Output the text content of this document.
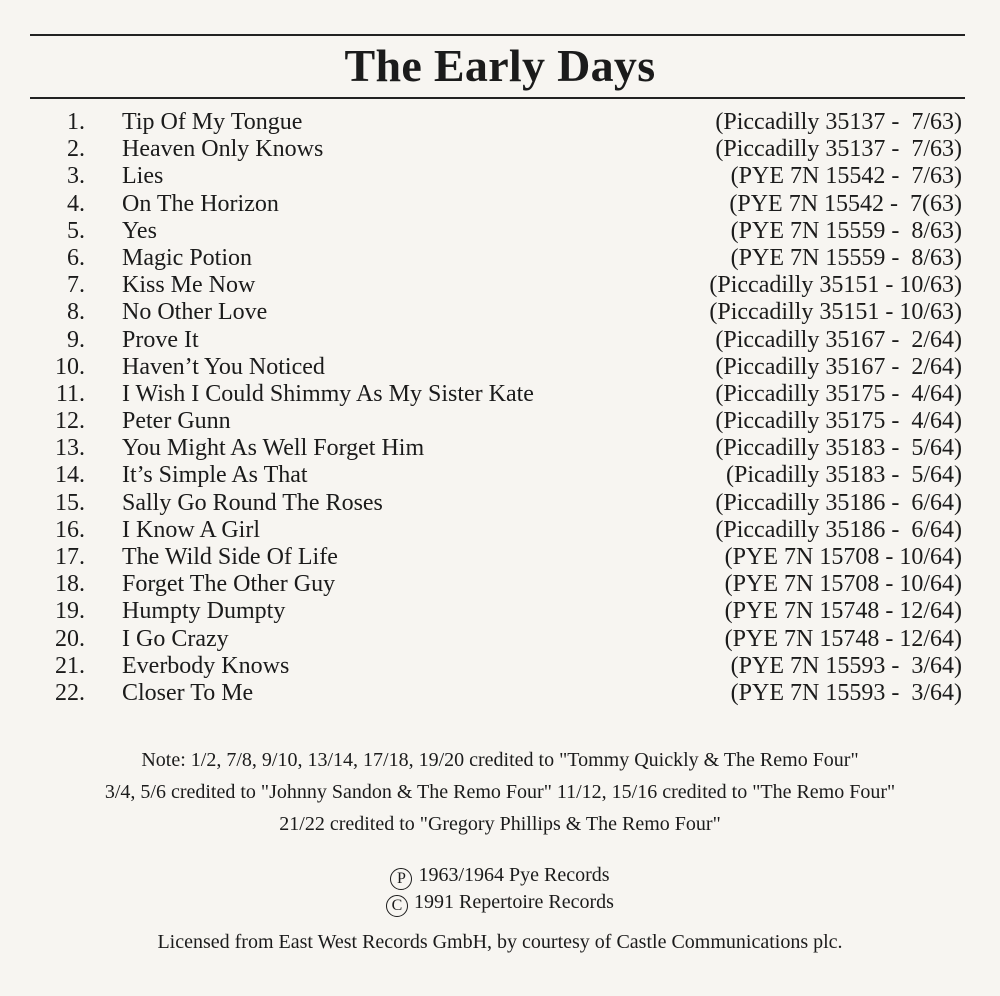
The Early Days
1. Tip Of My Tongue	(Piccadilly 35137 -  7/63)
2. Heaven Only Knows	(Piccadilly 35137 -  7/63)
3. Lies	(PYE 7N 15542 -  7/63)
4. On The Horizon	(PYE 7N 15542 -  7(63)
5. Yes	(PYE 7N 15559 -  8/63)
6. Magic Potion	(PYE 7N 15559 -  8/63)
7. Kiss Me Now	(Piccadilly 35151 - 10/63)
8. No Other Love	(Piccadilly 35151 - 10/63)
9. Prove It	(Piccadilly 35167 -  2/64)
10. Haven’t You Noticed	(Piccadilly 35167 -  2/64)
11. I Wish I Could Shimmy As My Sister Kate	(Piccadilly 35175 -  4/64)
12. Peter Gunn	(Piccadilly 35175 -  4/64)
13. You Might As Well Forget Him	(Piccadilly 35183 -  5/64)
14. It’s Simple As That	(Picadilly 35183 -  5/64)
15. Sally Go Round The Roses	(Piccadilly 35186 -  6/64)
16. I Know A Girl	(Piccadilly 35186 -  6/64)
17. The Wild Side Of Life	(PYE 7N 15708 - 10/64)
18. Forget The Other Guy	(PYE 7N 15708 - 10/64)
19. Humpty Dumpty	(PYE 7N 15748 - 12/64)
20. I Go Crazy	(PYE 7N 15748 - 12/64)
21. Everbody Knows	(PYE 7N 15593 -  3/64)
22. Closer To Me	(PYE 7N 15593 -  3/64)
Note: 1/2, 7/8, 9/10, 13/14, 17/18, 19/20 credited to "Tommy Quickly & The Remo Four"
3/4, 5/6 credited to "Johnny Sandon & The Remo Four" 11/12, 15/16 credited to "The Remo Four"
21/22 credited to "Gregory Phillips & The Remo Four"
P 1963/1964 Pye Records
C 1991 Repertoire Records
Licensed from East West Records GmbH, by courtesy of Castle Communications plc.
